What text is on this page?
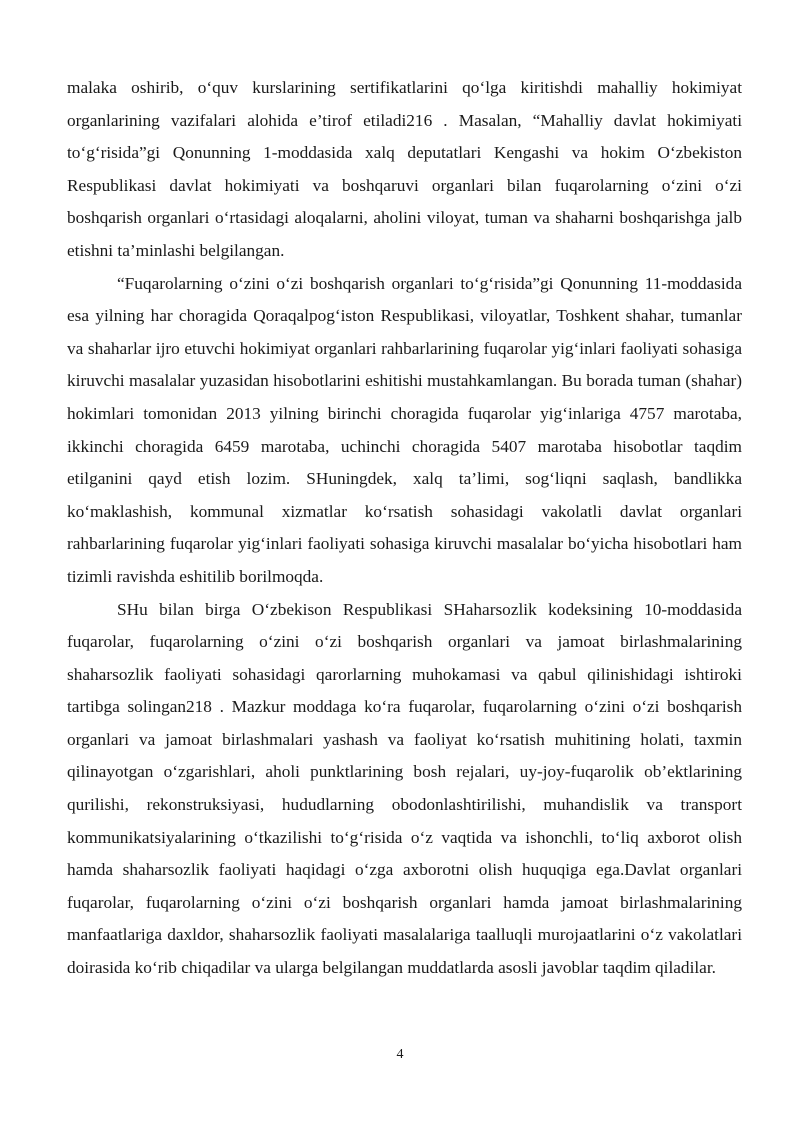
malaka oshirib, o‘quv kurslarining sertifikatlarini qo‘lga kiritishdi mahalliy hokimiyat organlarining vazifalari alohida e’tirof etiladi216 . Masalan, “Mahalliy davlat hokimiyati to‘g‘risida”gi Qonunning 1-moddasida xalq deputatlari Kengashi va hokim O‘zbekiston Respublikasi davlat hokimiyati va boshqaruvi organlari bilan fuqarolarning o‘zini o‘zi boshqarish organlari o‘rtasidagi aloqalarni, aholini viloyat, tuman va shaharni boshqarishga jalb etishni ta’minlashi belgilangan.

“Fuqarolarning o‘zini o‘zi boshqarish organlari to‘g‘risida”gi Qonunning 11-moddasida esa yilning har choragida Qoraqalpog‘iston Respublikasi, viloyatlar, Toshkent shahar, tumanlar va shaharlar ijro etuvchi hokimiyat organlari rahbarlarining fuqarolar yig‘inlari faoliyati sohasiga kiruvchi masalalar yuzasidan hisobotlarini eshitishi mustahkamlangan. Bu borada tuman (shahar) hokimlari tomonidan 2013 yilning birinchi choragida fuqarolar yig‘inlariga 4757 marotaba, ikkinchi choragida 6459 marotaba, uchinchi choragida 5407 marotaba hisobotlar taqdim etilganini qayd etish lozim. SHuningdek, xalq ta’limi, sog‘liqni saqlash, bandlikka ko‘maklashish, kommunal xizmatlar ko‘rsatish sohasidagi vakolatli davlat organlari rahbarlarining fuqarolar yig‘inlari faoliyati sohasiga kiruvchi masalalar bo‘yicha hisobotlari ham tizimli ravishda eshitilib borilmoqda.

SHu bilan birga O‘zbekison Respublikasi SHaharsozlik kodeksining 10-moddasida fuqarolar, fuqarolarning o‘zini o‘zi boshqarish organlari va jamoat birlashmalarining shaharsozlik faoliyati sohasidagi qarorlarning muhokamasi va qabul qilinishidagi ishtiroki tartibga solingan218 . Mazkur moddaga ko‘ra fuqarolar, fuqarolarning o‘zini o‘zi boshqarish organlari va jamoat birlashmalari yashash va faoliyat ko‘rsatish muhitining holati, taxmin qilinayotgan o‘zgarishlari, aholi punktlarining bosh rejalari, uy-joy-fuqarolik ob’ektlarining qurilishi, rekonstruksiyasi, hududlarning obodonlashtirilishi, muhandislik va transport kommunikatsiyalarining o‘tkazilishi to‘g‘risida o‘z vaqtida va ishonchli, to‘liq axborot olish hamda shaharsozlik faoliyati haqidagi o‘zga axborotni olish huquqiga ega.Davlat organlari fuqarolar, fuqarolarning o‘zini o‘zi boshqarish organlari hamda jamoat birlashmalarining manfaatlariga daxldor, shaharsozlik faoliyati masalalariga taalluqli murojaatlarini o‘z vakolatlari doirasida ko‘rib chiqadilar va ularga belgilangan muddatlarda asosli javoblar taqdim qiladilar.

4
